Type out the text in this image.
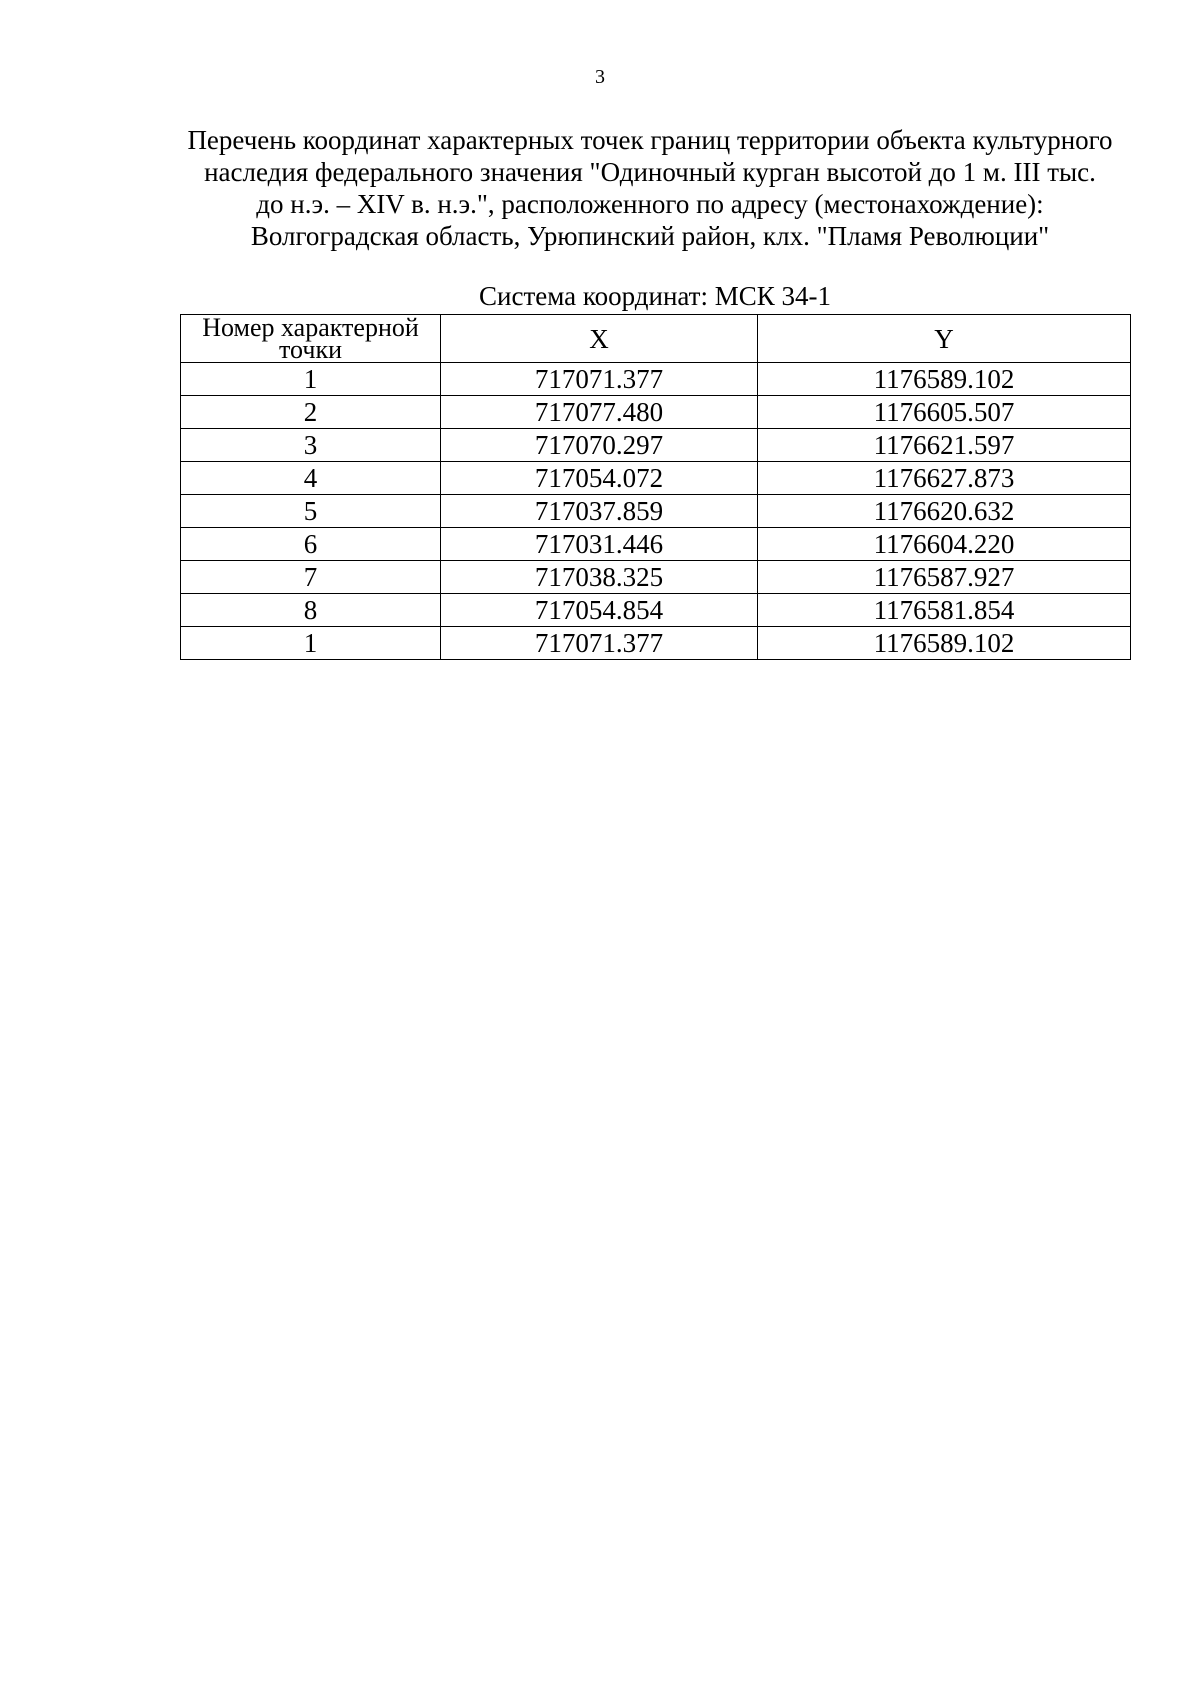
3
Перечень координат характерных точек границ территории объекта культурного
наследия федерального значения "Одиночный курган высотой до 1 м. III тыс.
до н.э. – XIV в. н.э.", расположенного по адресу (местонахождение):
Волгоградская область, Урюпинский район, клх. "Пламя Революции"
Система координат: МСК 34-1
Номер характерной точки	X	Y
1	717071.377	1176589.102
2	717077.480	1176605.507
3	717070.297	1176621.597
4	717054.072	1176627.873
5	717037.859	1176620.632
6	717031.446	1176604.220
7	717038.325	1176587.927
8	717054.854	1176581.854
1	717071.377	1176589.102
